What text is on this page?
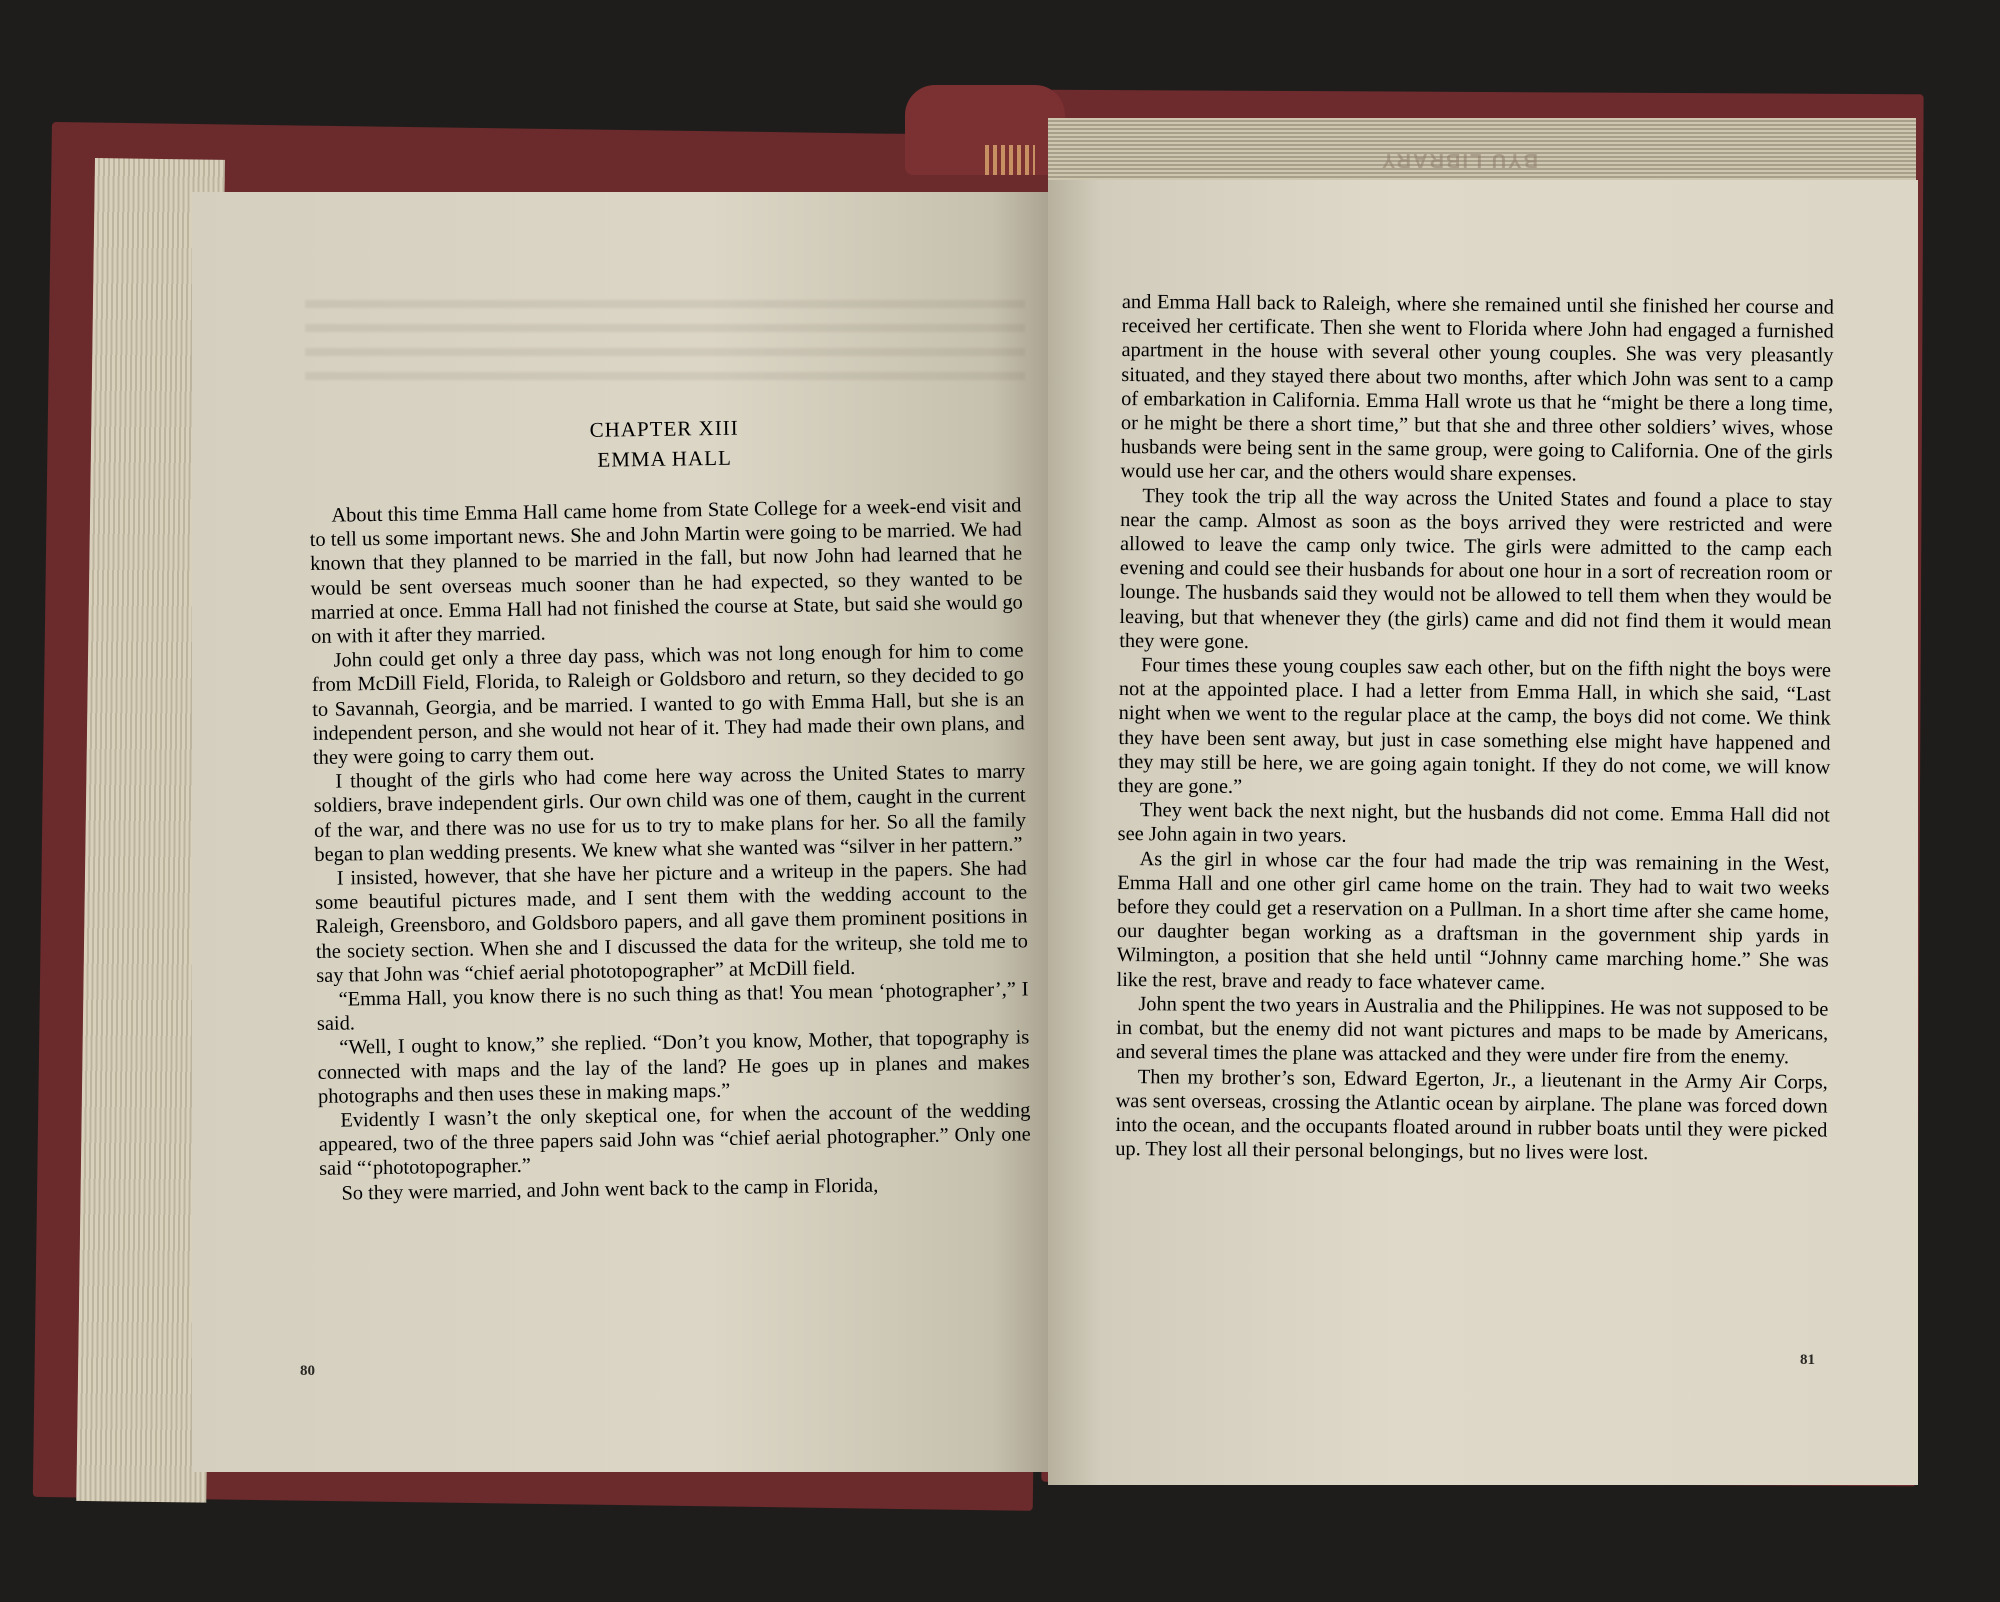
BYU LIBRARY
CHAPTER XIII
EMMA HALL

About this time Emma Hall came home from State College for a week-end visit and to tell us some important news. She and John Martin were going to be married. We had known that they planned to be married in the fall, but now John had learned that he would be sent overseas much sooner than he had expected, so they wanted to be married at once. Emma Hall had not finished the course at State, but said she would go on with it after they married.

John could get only a three day pass, which was not long enough for him to come from McDill Field, Florida, to Raleigh or Goldsboro and return, so they decided to go to Savannah, Georgia, and be married. I wanted to go with Emma Hall, but she is an independent person, and she would not hear of it. They had made their own plans, and they were going to carry them out.

I thought of the girls who had come here way across the United States to marry soldiers, brave independent girls. Our own child was one of them, caught in the current of the war, and there was no use for us to try to make plans for her. So all the family began to plan wedding presents. We knew what she wanted was “silver in her pattern.”

I insisted, however, that she have her picture and a writeup in the papers. She had some beautiful pictures made, and I sent them with the wedding account to the Raleigh, Greensboro, and Goldsboro papers, and all gave them prominent positions in the society section. When she and I discussed the data for the writeup, she told me to say that John was “chief aerial phototopographer” at McDill field.

“Emma Hall, you know there is no such thing as that! You mean ‘photographer’,” I said.

“Well, I ought to know,” she replied. “Don’t you know, Mother, that topography is connected with maps and the lay of the land? He goes up in planes and makes photographs and then uses these in making maps.”

Evidently I wasn’t the only skeptical one, for when the account of the wedding appeared, two of the three papers said John was “chief aerial photographer.” Only one said “‘phototopographer.”

So they were married, and John went back to the camp in Florida,

80

and Emma Hall back to Raleigh, where she remained until she finished her course and received her certificate. Then she went to Florida where John had engaged a furnished apartment in the house with several other young couples. She was very pleasantly situated, and they stayed there about two months, after which John was sent to a camp of embarkation in California. Emma Hall wrote us that he “might be there a long time, or he might be there a short time,” but that she and three other soldiers’ wives, whose husbands were being sent in the same group, were going to California. One of the girls would use her car, and the others would share expenses.

They took the trip all the way across the United States and found a place to stay near the camp. Almost as soon as the boys arrived they were restricted and were allowed to leave the camp only twice. The girls were admitted to the camp each evening and could see their husbands for about one hour in a sort of recreation room or lounge. The husbands said they would not be allowed to tell them when they would be leaving, but that whenever they (the girls) came and did not find them it would mean they were gone.

Four times these young couples saw each other, but on the fifth night the boys were not at the appointed place. I had a letter from Emma Hall, in which she said, “Last night when we went to the regular place at the camp, the boys did not come. We think they have been sent away, but just in case something else might have happened and they may still be here, we are going again tonight. If they do not come, we will know they are gone.”

They went back the next night, but the husbands did not come. Emma Hall did not see John again in two years.

As the girl in whose car the four had made the trip was remaining in the West, Emma Hall and one other girl came home on the train. They had to wait two weeks before they could get a reservation on a Pullman. In a short time after she came home, our daughter began working as a draftsman in the government ship yards in Wilmington, a position that she held until “Johnny came marching home.” She was like the rest, brave and ready to face whatever came.

John spent the two years in Australia and the Philippines. He was not supposed to be in combat, but the enemy did not want pictures and maps to be made by Americans, and several times the plane was attacked and they were under fire from the enemy.

Then my brother’s son, Edward Egerton, Jr., a lieutenant in the Army Air Corps, was sent overseas, crossing the Atlantic ocean by airplane. The plane was forced down into the ocean, and the occupants floated around in rubber boats until they were picked up. They lost all their personal belongings, but no lives were lost.

81
